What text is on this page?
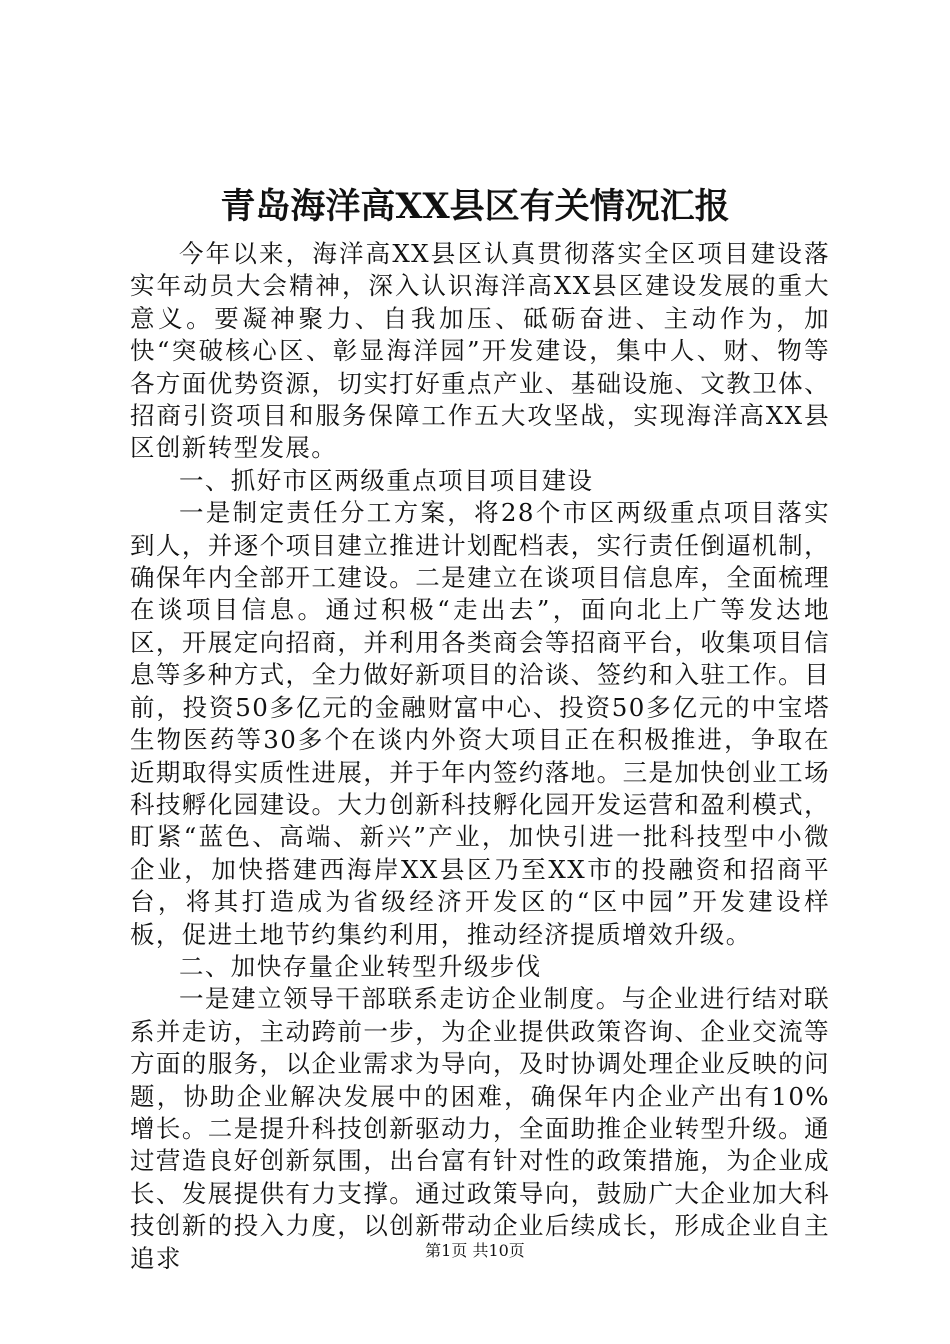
青岛海洋高XX县区有关情况汇报

今年以来，海洋高XX县区认真贯彻落实全区项目建设落实年动员大会精神，深入认识海洋高XX县区建设发展的重大意义。要凝神聚力、自我加压、砥砺奋进、主动作为，加快“突破核心区、彰显海洋园”开发建设，集中人、财、物等各方面优势资源，切实打好重点产业、基础设施、文教卫体、招商引资项目和服务保障工作五大攻坚战，实现海洋高XX县区创新转型发展。

一、抓好市区两级重点项目项目建设

一是制定责任分工方案，将28个市区两级重点项目落实到人，并逐个项目建立推进计划配档表，实行责任倒逼机制，确保年内全部开工建设。二是建立在谈项目信息库，全面梳理在谈项目信息。通过积极“走出去”，面向北上广等发达地区，开展定向招商，并利用各类商会等招商平台，收集项目信息等多种方式，全力做好新项目的洽谈、签约和入驻工作。目前，投资50多亿元的金融财富中心、投资50多亿元的中宝塔生物医药等30多个在谈内外资大项目正在积极推进，争取在近期取得实质性进展，并于年内签约落地。三是加快创业工场科技孵化园建设。大力创新科技孵化园开发运营和盈利模式，盯紧“蓝色、高端、新兴”产业，加快引进一批科技型中小微企业，加快搭建西海岸XX县区乃至XX市的投融资和招商平台，将其打造成为省级经济开发区的“区中园”开发建设样板，促进土地节约集约利用，推动经济提质增效升级。

二、加快存量企业转型升级步伐

一是建立领导干部联系走访企业制度。与企业进行结对联系并走访，主动跨前一步，为企业提供政策咨询、企业交流等方面的服务，以企业需求为导向，及时协调处理企业反映的问题，协助企业解决发展中的困难，确保年内企业产出有10%增长。二是提升科技创新驱动力，全面助推企业转型升级。通过营造良好创新氛围，出台富有针对性的政策措施，为企业成长、发展提供有力支撑。通过政策导向，鼓励广大企业加大科技创新的投入力度，以创新带动企业后续成长，形成企业自主追求	第1页 共10页
